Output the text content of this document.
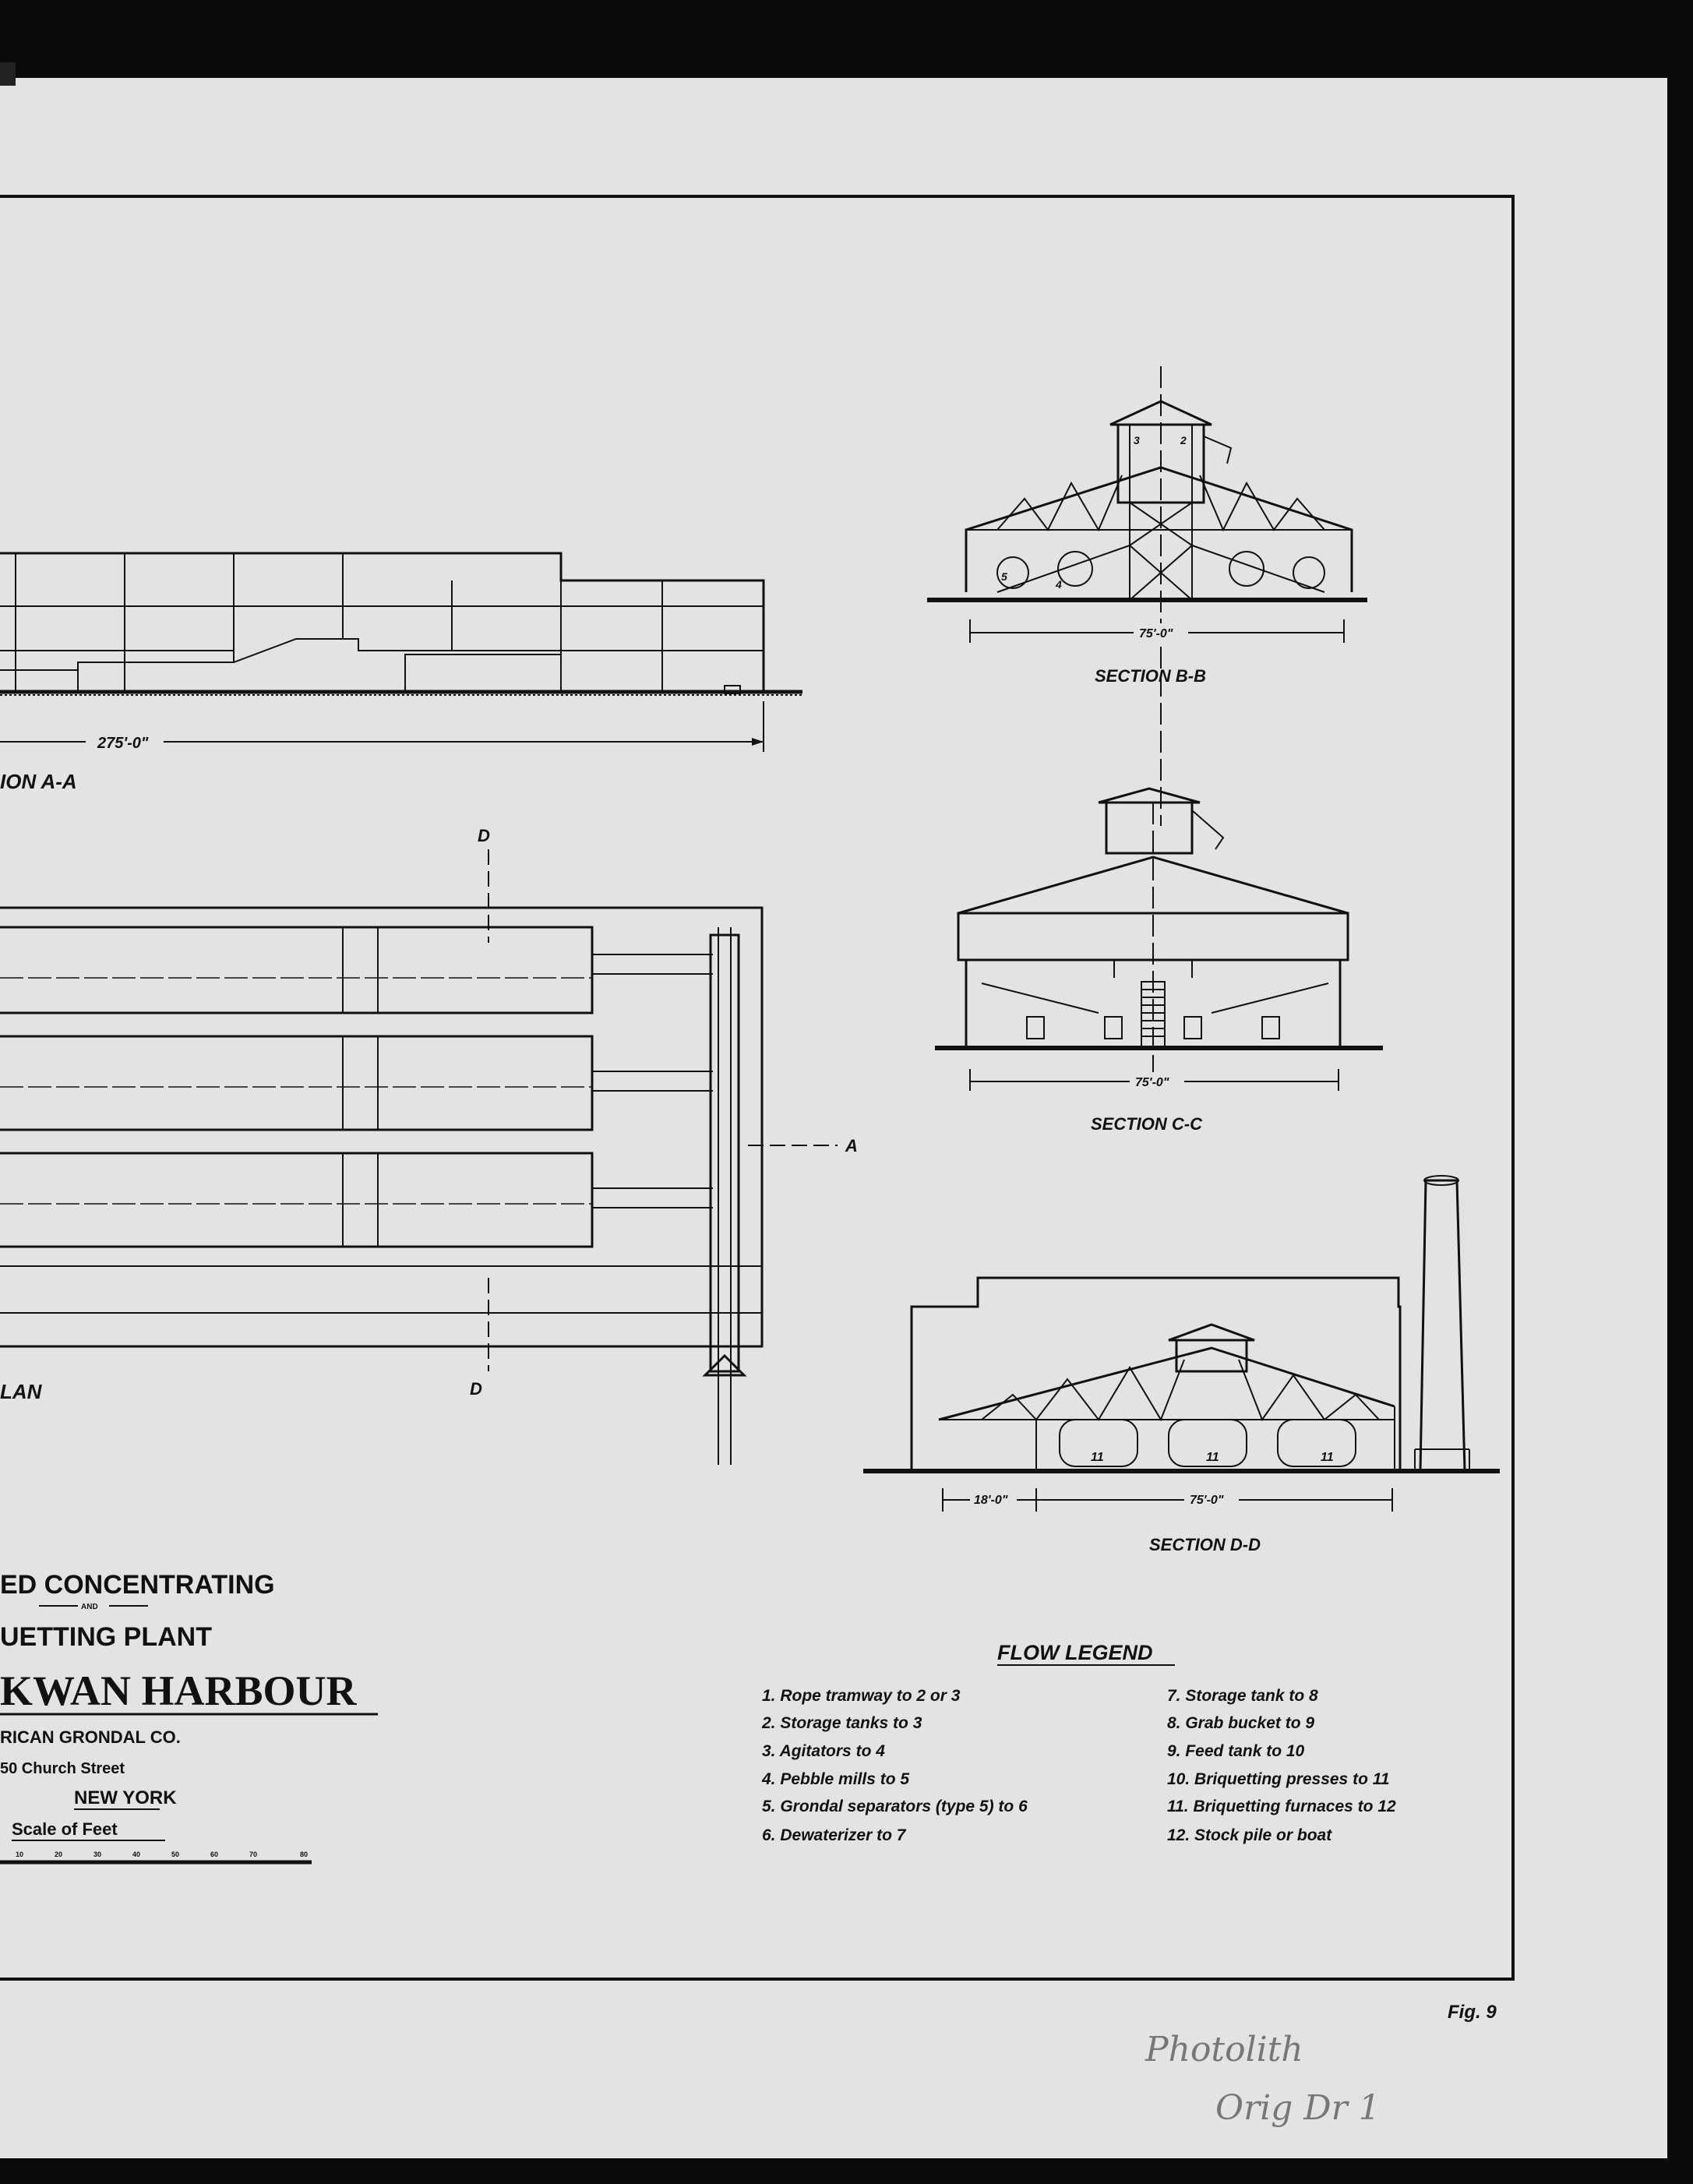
275'-0"
ION A-A
D
D
A
LAN
5
4
3	2
75'-0"
SECTION B-B
75'-0"
SECTION C-C
11	11	11
18'-0"	75'-0"
SECTION D-D
ED CONCENTRATING
AND
UETTING PLANT
KWAN HARBOUR
RICAN GRONDAL CO.
50 Church Street
NEW YORK
Scale of Feet
10	20	30	40	50	60	70	80
FLOW LEGEND
1. Rope tramway to 2 or 3
2. Storage tanks to 3
3. Agitators to 4
4. Pebble mills to 5
5. Grondal separators (type 5) to 6
6. Dewaterizer to 7
7. Storage tank to 8
8. Grab bucket to 9
9. Feed tank to 10
10. Briquetting presses to 11
11. Briquetting furnaces to 12
12. Stock pile or boat
Fig. 9
Photolith
Orig Dr 1
